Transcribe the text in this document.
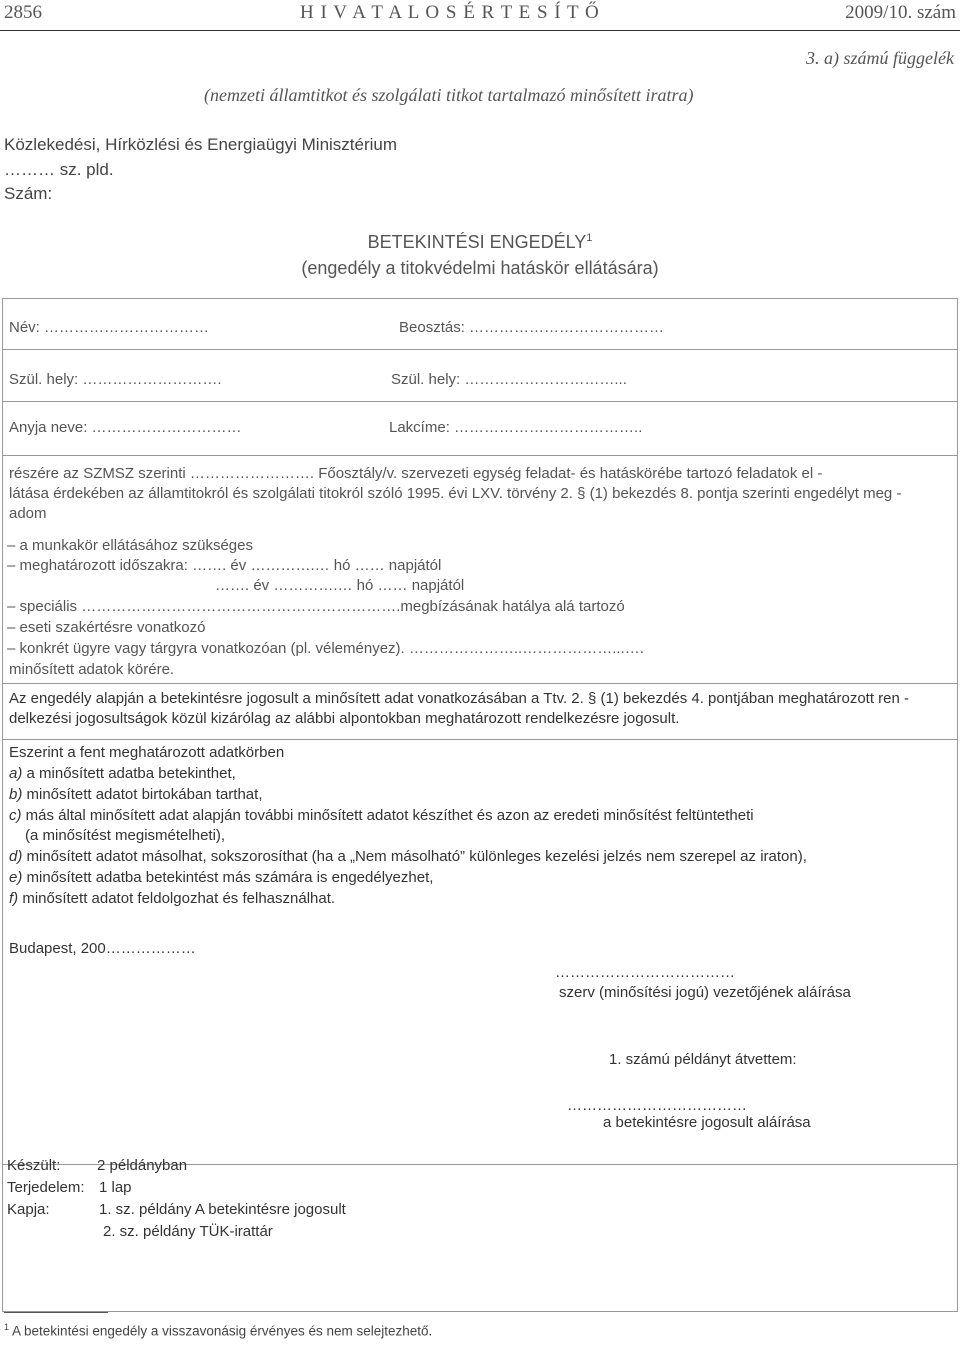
2856	H I V A T A L O S É R T E S Í T Ő	2009/10. szám
3. a) számú függelék
(nemzeti államtitkot és szolgálati titkot tartalmazó minősített iratra)
Közlekedési, Hírközlési és Energiaügyi Minisztérium
……… sz. pld.
Szám:
BETEKINTÉSI ENGEDÉLY$^1$
(engedély a titokvédelmi hatáskör ellátására)
Név: ……………………………	Beosztás: …………………………………
Szül. hely: ……………………….	Szül. hely: …………………………...
Anyja neve: …………………………	Lakcíme: ………………………………..
részére az SZMSZ szerinti ……………………. Főosztály/v. szervezeti egység feladat- és hatáskörébe tartozó feladatok el -
látása érdekében az államtitokról és szolgálati titokról szóló 1995. évi LXV. törvény 2. § (1) bekezdés 8. pontja szerinti engedélyt meg -
adom
– a munkakör ellátásához szükséges
– meghatározott időszakra: ……. év ………….… hó …… napjától
……. év ………….… hó …… napjától
– speciális ……………………………………………………….megbízásának hatálya alá tartozó
– eseti szakértésre vonatkozó
– konkrét ügyre vagy tárgyra vonatkozóan (pl. véleményez). …………………..………………...….
minősített adatok körére.
Az engedély alapján a betekintésre jogosult a minősített adat vonatkozásában a Ttv. 2. § (1) bekezdés 4. pontjában meghatározott ren -
delkezési jogosultságok közül kizárólag az alábbi alpontokban meghatározott rendelkezésre jogosult.
Eszerint a fent meghatározott adatkörben
a) a minősített adatba betekinthet,
b) minősített adatot birtokában tarthat,
c) más által minősített adat alapján további minősített adatot készíthet és azon az eredeti minősítést feltüntetheti
(a minősítést megismételheti),
d) minősített adatot másolhat, sokszorosíthat (ha a „Nem másolható” különleges kezelési jelzés nem szerepel az iraton),
e) minősített adatba betekintést más számára is engedélyezhet,
f) minősített adatot feldolgozhat és felhasználhat.
Budapest, 200………………
………………………………
szerv (minősítési jogú) vezetőjének aláírása
1. számú példányt átvettem:
………………………………
a betekintésre jogosult aláírása
Készült: 2 példányban
Terjedelem: 1 lap
Kapja:	1. sz. példány A betekintésre jogosult
2. sz. példány TÜK-irattár
$^1$ A betekintési engedély a visszavonásig érvényes és nem selejtezhető.
